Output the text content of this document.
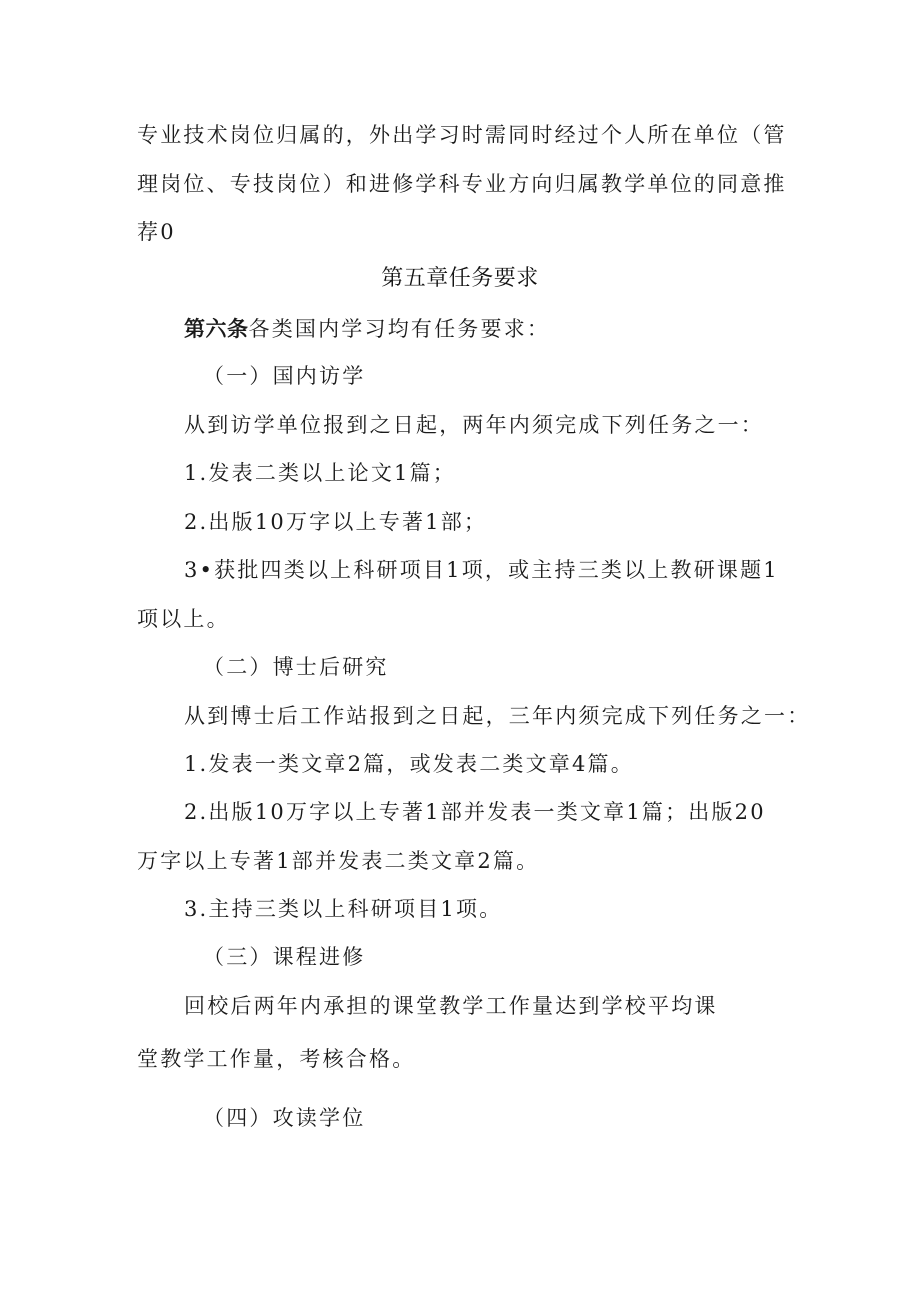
专业技术岗位归属的，外出学习时需同时经过个人所在单位（管
理岗位、专技岗位）和进修学科专业方向归属教学单位的同意推
荐0
第五章任务要求
第六条各类国内学习均有任务要求：
（一）国内访学
从到访学单位报到之日起，两年内须完成下列任务之一：
1.发表二类以上论文1篇；
2.出版10万字以上专著1部；
3•获批四类以上科研项目1项，或主持三类以上教研课题1
项以上。
（二）博士后研究
从到博士后工作站报到之日起，三年内须完成下列任务之一：
1.发表一类文章2篇，或发表二类文章4篇。
2.出版10万字以上专著1部并发表一类文章1篇；出版20
万字以上专著1部并发表二类文章2篇。
3.主持三类以上科研项目1项。
（三）课程进修
回校后两年内承担的课堂教学工作量达到学校平均课
堂教学工作量，考核合格。
（四）攻读学位
